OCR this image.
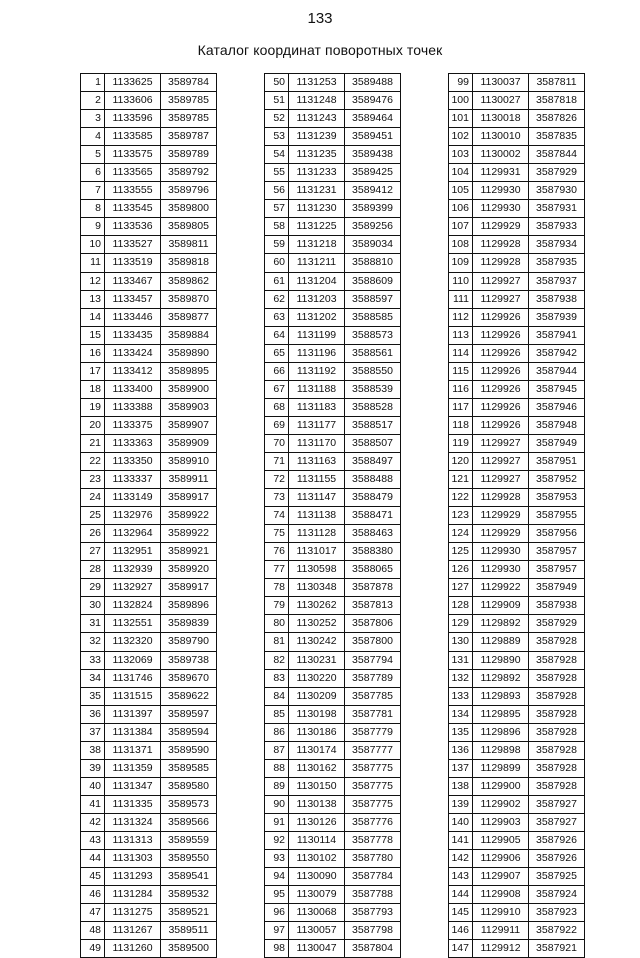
133
Каталог координат поворотных точек
1	1133625	3589784
2	1133606	3589785
3	1133596	3589785
4	1133585	3589787
5	1133575	3589789
6	1133565	3589792
7	1133555	3589796
8	1133545	3589800
9	1133536	3589805
10	1133527	3589811
11	1133519	3589818
12	1133467	3589862
13	1133457	3589870
14	1133446	3589877
15	1133435	3589884
16	1133424	3589890
17	1133412	3589895
18	1133400	3589900
19	1133388	3589903
20	1133375	3589907
21	1133363	3589909
22	1133350	3589910
23	1133337	3589911
24	1133149	3589917
25	1132976	3589922
26	1132964	3589922
27	1132951	3589921
28	1132939	3589920
29	1132927	3589917
30	1132824	3589896
31	1132551	3589839
32	1132320	3589790
33	1132069	3589738
34	1131746	3589670
35	1131515	3589622
36	1131397	3589597
37	1131384	3589594
38	1131371	3589590
39	1131359	3589585
40	1131347	3589580
41	1131335	3589573
42	1131324	3589566
43	1131313	3589559
44	1131303	3589550
45	1131293	3589541
46	1131284	3589532
47	1131275	3589521
48	1131267	3589511
49	1131260	3589500
50	1131253	3589488
51	1131248	3589476
52	1131243	3589464
53	1131239	3589451
54	1131235	3589438
55	1131233	3589425
56	1131231	3589412
57	1131230	3589399
58	1131225	3589256
59	1131218	3589034
60	1131211	3588810
61	1131204	3588609
62	1131203	3588597
63	1131202	3588585
64	1131199	3588573
65	1131196	3588561
66	1131192	3588550
67	1131188	3588539
68	1131183	3588528
69	1131177	3588517
70	1131170	3588507
71	1131163	3588497
72	1131155	3588488
73	1131147	3588479
74	1131138	3588471
75	1131128	3588463
76	1131017	3588380
77	1130598	3588065
78	1130348	3587878
79	1130262	3587813
80	1130252	3587806
81	1130242	3587800
82	1130231	3587794
83	1130220	3587789
84	1130209	3587785
85	1130198	3587781
86	1130186	3587779
87	1130174	3587777
88	1130162	3587775
89	1130150	3587775
90	1130138	3587775
91	1130126	3587776
92	1130114	3587778
93	1130102	3587780
94	1130090	3587784
95	1130079	3587788
96	1130068	3587793
97	1130057	3587798
98	1130047	3587804
99	1130037	3587811
100	1130027	3587818
101	1130018	3587826
102	1130010	3587835
103	1130002	3587844
104	1129931	3587929
105	1129930	3587930
106	1129930	3587931
107	1129929	3587933
108	1129928	3587934
109	1129928	3587935
110	1129927	3587937
111	1129927	3587938
112	1129926	3587939
113	1129926	3587941
114	1129926	3587942
115	1129926	3587944
116	1129926	3587945
117	1129926	3587946
118	1129926	3587948
119	1129927	3587949
120	1129927	3587951
121	1129927	3587952
122	1129928	3587953
123	1129929	3587955
124	1129929	3587956
125	1129930	3587957
126	1129930	3587957
127	1129922	3587949
128	1129909	3587938
129	1129892	3587929
130	1129889	3587928
131	1129890	3587928
132	1129892	3587928
133	1129893	3587928
134	1129895	3587928
135	1129896	3587928
136	1129898	3587928
137	1129899	3587928
138	1129900	3587928
139	1129902	3587927
140	1129903	3587927
141	1129905	3587926
142	1129906	3587926
143	1129907	3587925
144	1129908	3587924
145	1129910	3587923
146	1129911	3587922
147	1129912	3587921
